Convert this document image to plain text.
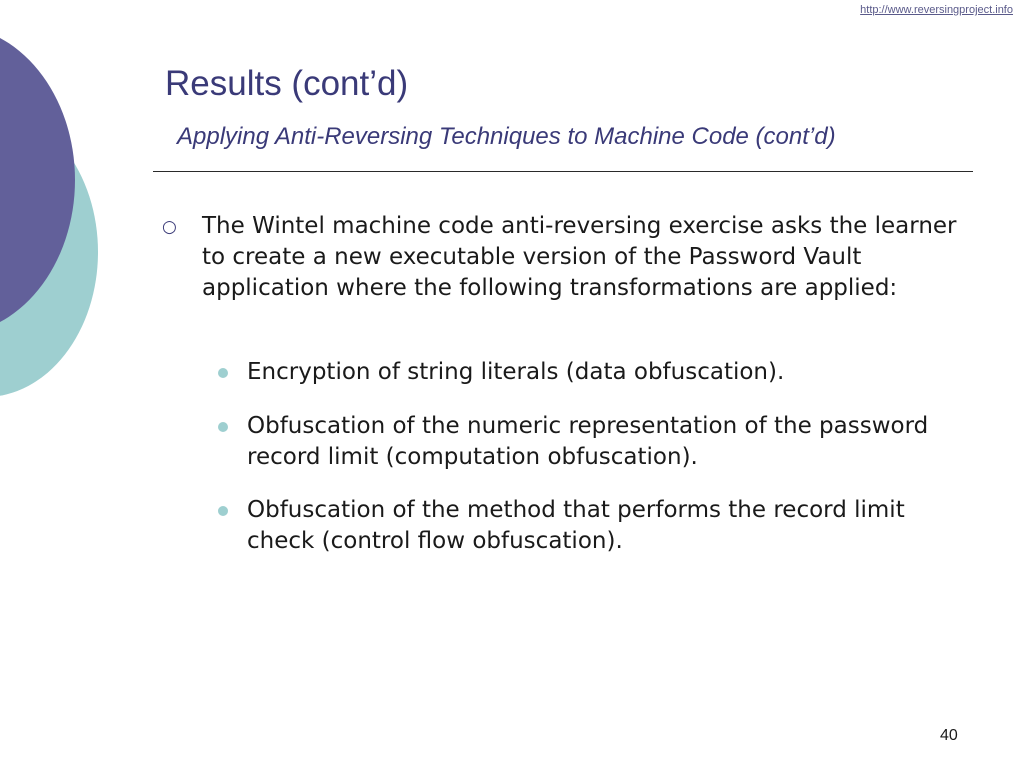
http://www.reversingproject.info
Results (cont’d)
Applying Anti-Reversing Techniques to Machine Code (cont’d)
○ The Wintel machine code anti-reversing exercise asks the learner to create a new executable version of the Password Vault application where the following transformations are applied:
Encryption of string literals (data obfuscation).
Obfuscation of the numeric representation of the password record limit (computation obfuscation).
Obfuscation of the method that performs the record limit check (control flow obfuscation).
40
